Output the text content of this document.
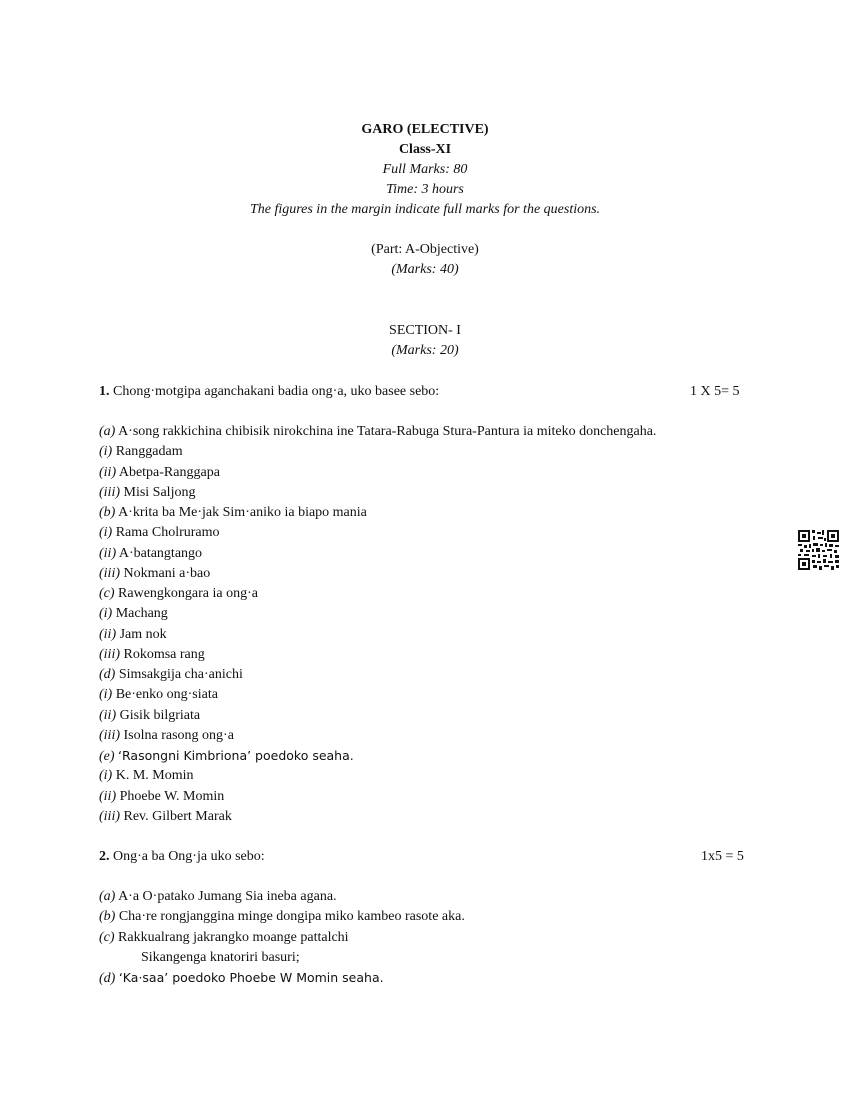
GARO (ELECTIVE)
Class-XI
Full Marks: 80
Time: 3 hours
The figures in the margin indicate full marks for the questions.
(Part: A-Objective)
(Marks: 40)
SECTION- I
(Marks: 20)
1. Chong·motgipa aganchakani badia ong·a, uko basee sebo:	1 X 5= 5
(a) A·song rakkichina chibisik nirokchina ine Tatara-Rabuga Stura-Pantura ia miteko donchengaha.
(i) Ranggadam
(ii) Abetpa-Ranggapa
(iii) Misi Saljong
(b) A·krita ba Me·jak Sim·aniko ia biapo mania
(i) Rama Cholruramo
(ii) A·batangtango
(iii) Nokmani a·bao
(c) Rawengkongara ia ong·a
(i) Machang
(ii) Jam nok
(iii) Rokomsa rang
(d) Simsakgija cha·anichi
(i) Be·enko ong·siata
(ii) Gisik bilgriata
(iii) Isolna rasong ong·a
(e) ‘Rasongni Kimbriona’ poedoko seaha.
(i) K. M. Momin
(ii) Phoebe W. Momin
(iii) Rev. Gilbert Marak
2. Ong·a ba Ong·ja uko sebo:	1x5 = 5
(a) A·a O·patako Jumang Sia ineba agana.
(b) Cha·re rongjanggina minge dongipa miko kambeo rasote aka.
(c) Rakkualrang jakrangko moange pattalchi
Sikangenga knatoriri basuri;
(d) ‘Ka·saa’ poedoko Phoebe W Momin seaha.
